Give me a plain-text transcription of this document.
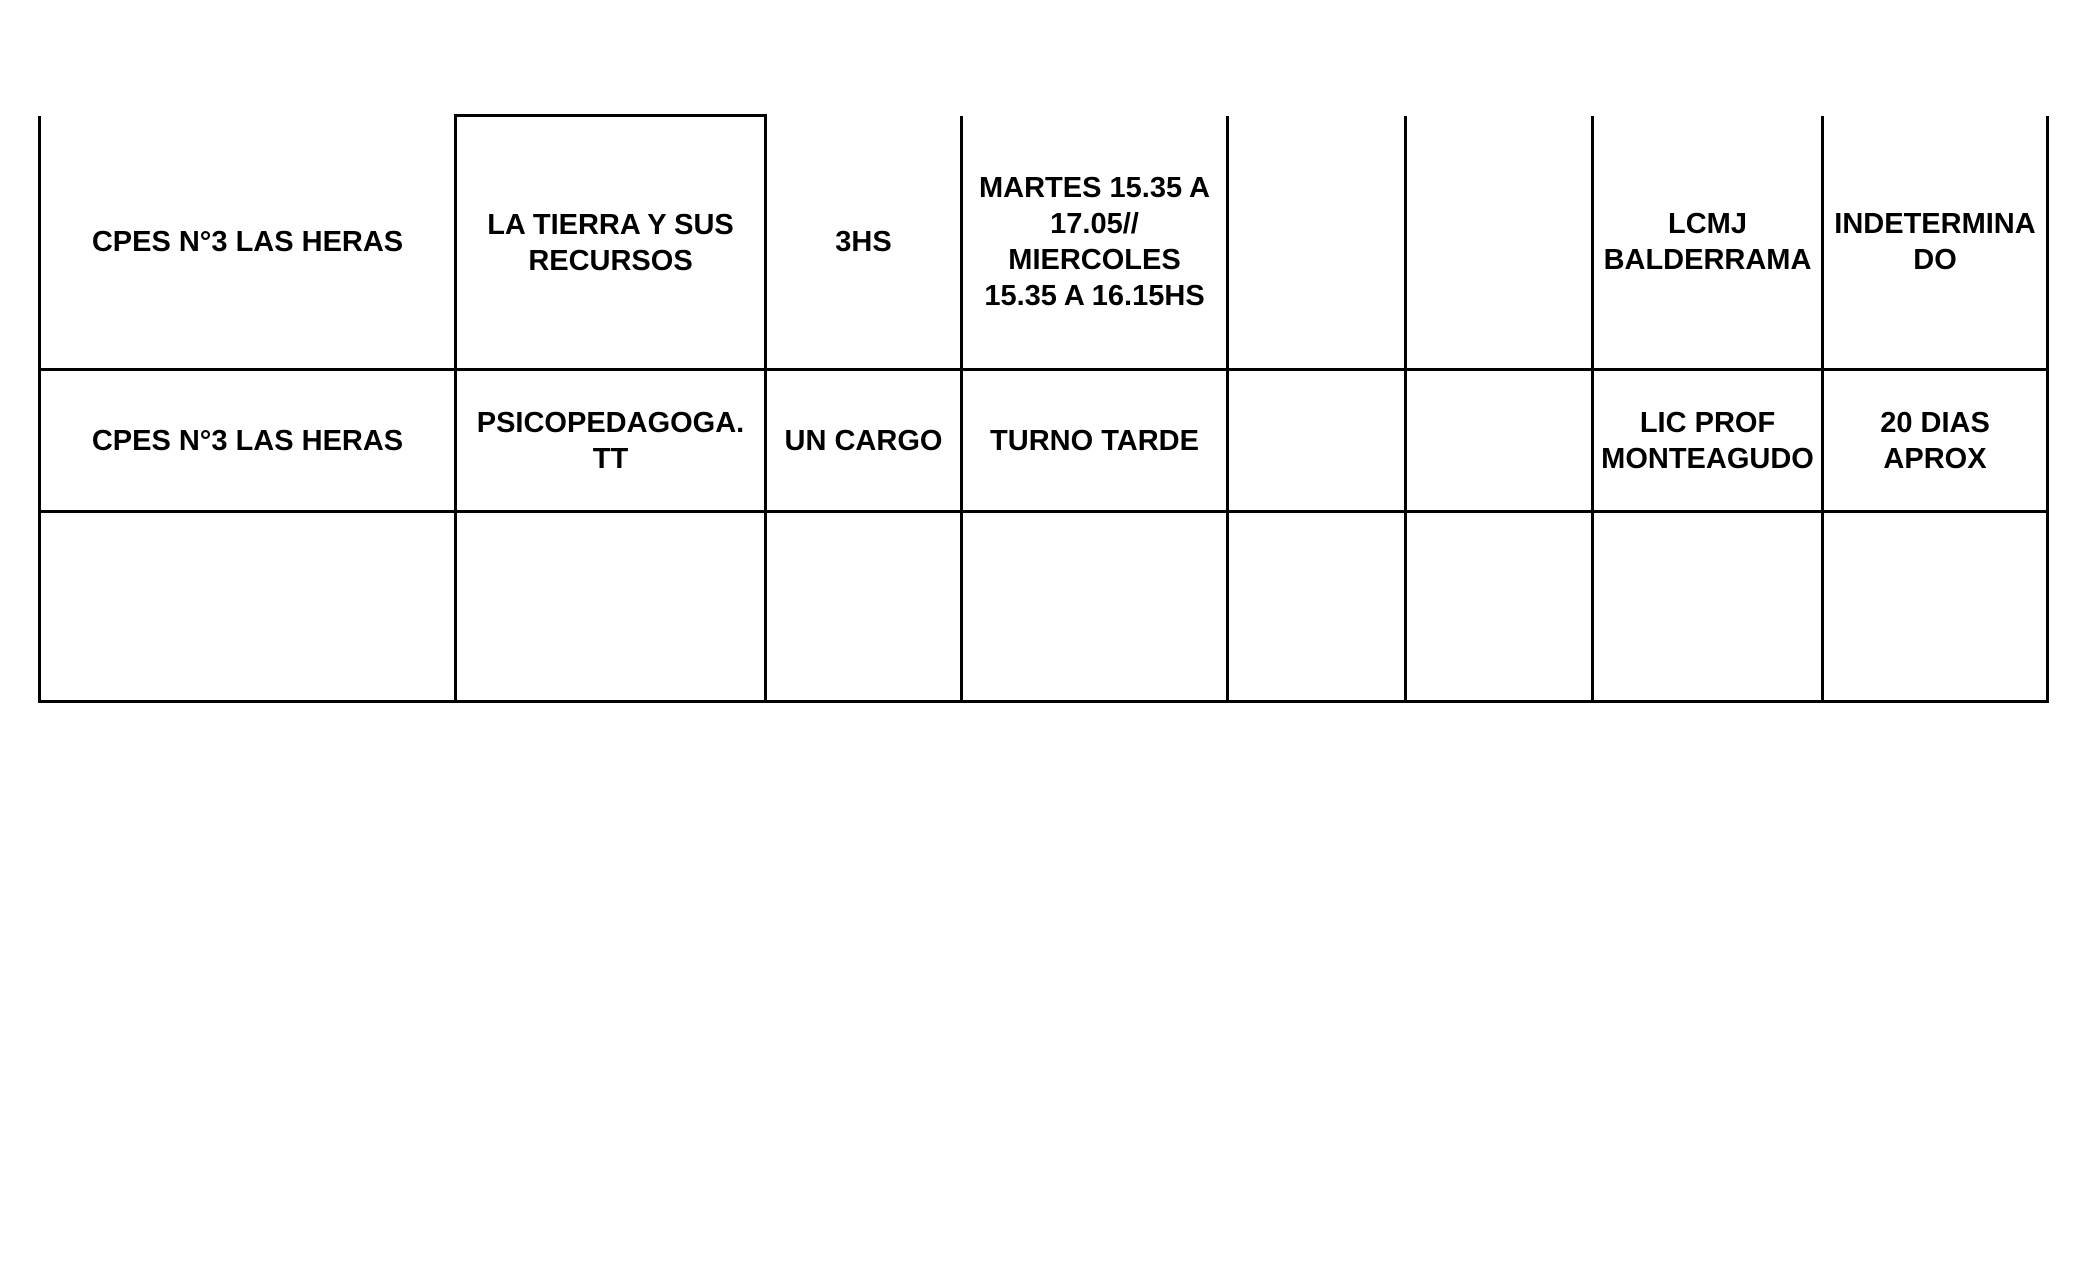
CPES N°3 LAS HERAS	LA TIERRA Y SUS
RECURSOS	3HS	MARTES 15.35 A
17.05//
MIERCOLES
15.35 A 16.15HS			LCMJ
BALDERRAMA	INDETERMINA
DO

CPES N°3 LAS HERAS	PSICOPEDAGOGA.
TT	UN CARGO	TURNO TARDE			LIC PROF
MONTEAGUDO	20 DIAS
APROX
